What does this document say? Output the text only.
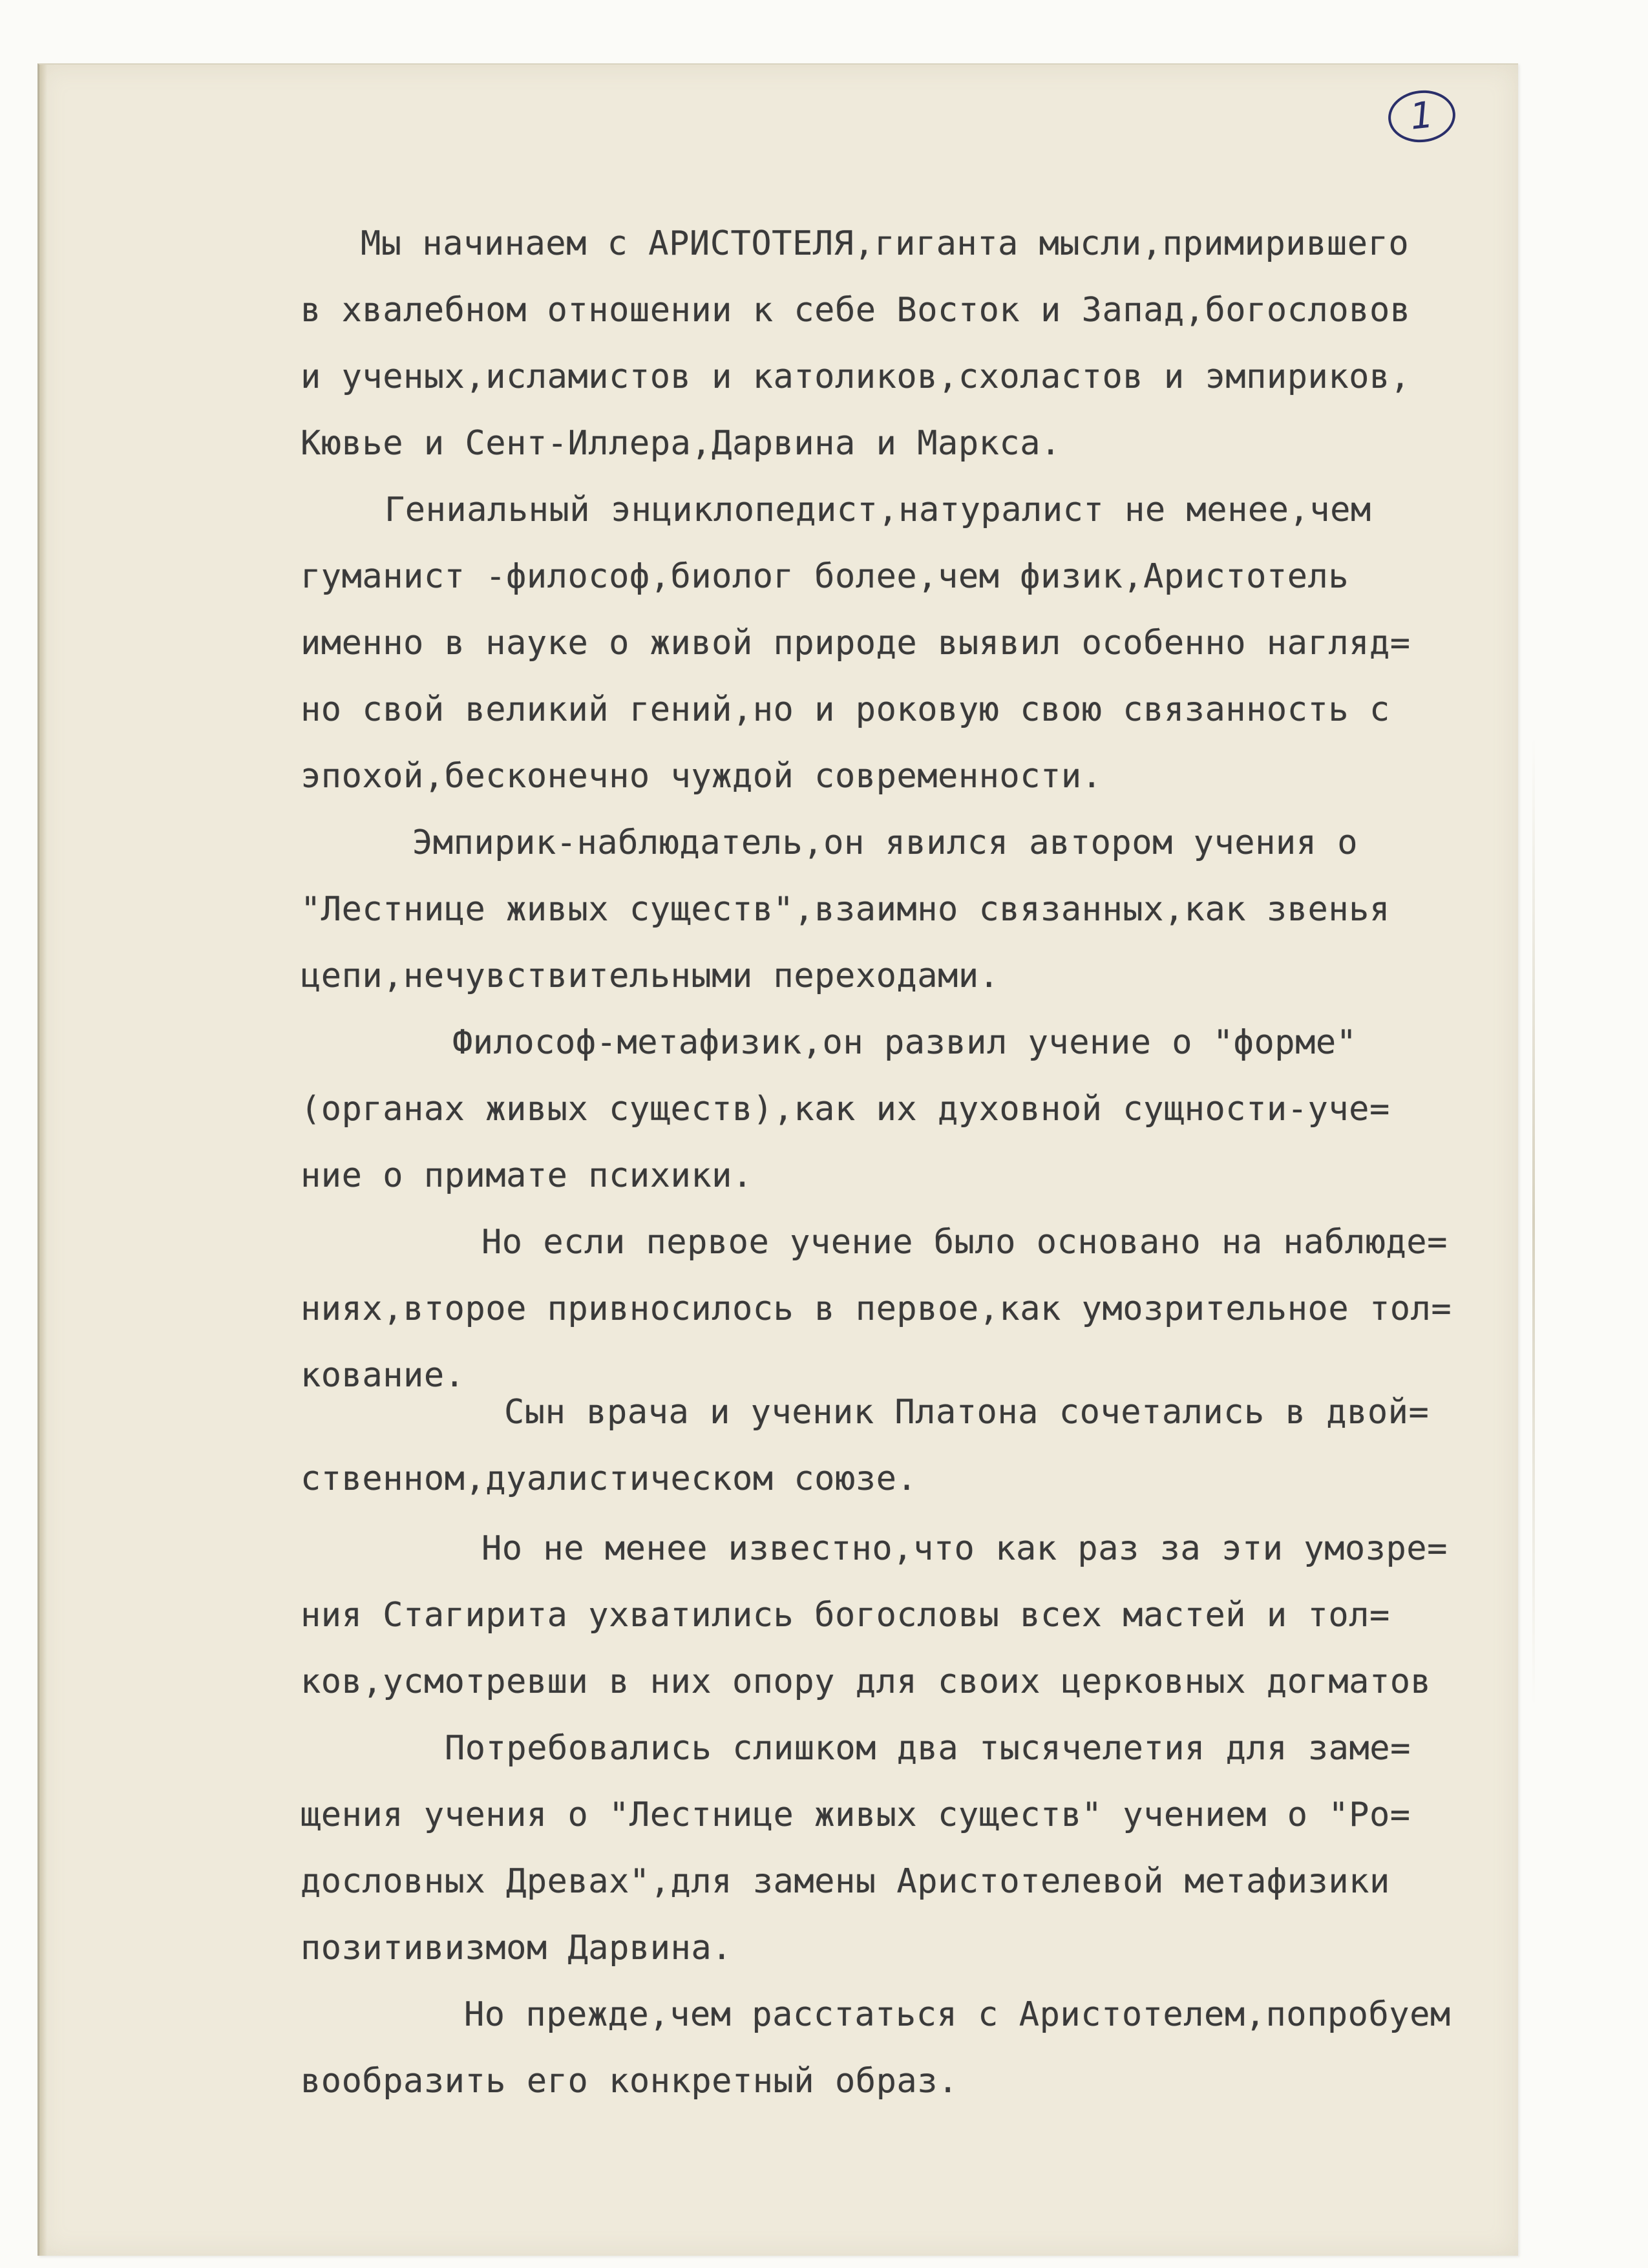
1
Мы начинаем с АРИСТОТЕЛЯ,гиганта мысли,примирившего
в хвалебном отношении к себе Восток и Запад,богословов
и ученых,исламистов и католиков,схоластов и эмпириков,
Кювье и Сент-Иллера,Дарвина и Маркса.
Гениальный энциклопедист,натуралист не менее,чем
гуманист -философ,биолог более,чем физик,Аристотель
именно в науке о живой природе выявил особенно нагляд=
но свой великий гений,но и роковую свою связанность с
эпохой,бесконечно чуждой современности.
Эмпирик-наблюдатель,он явился автором учения о
"Лестнице живых существ",взаимно связанных,как звенья
цепи,нечувствительными переходами.
Философ-метафизик,он развил учение о "форме"
(органах живых существ),как их духовной сущности-уче=
ние о примате психики.
Но если первое учение было основано на наблюде=
ниях,второе привносилось в первое,как умозрительное тол=
кование.
Сын врача и ученик Платона сочетались в двой=
ственном,дуалистическом союзе.
Но не менее известно,что как раз за эти умозре=
ния Стагирита ухватились богословы всех мастей и тол=
ков,усмотревши в них опору для своих церковных догматов
Потребовались слишком два тысячелетия для заме=
щения учения о "Лестнице живых существ" учением о "Ро=
дословных Древах",для замены Аристотелевой метафизики
позитивизмом Дарвина.
Но прежде,чем расстаться с Аристотелем,попробуем
вообразить его конкретный образ.
